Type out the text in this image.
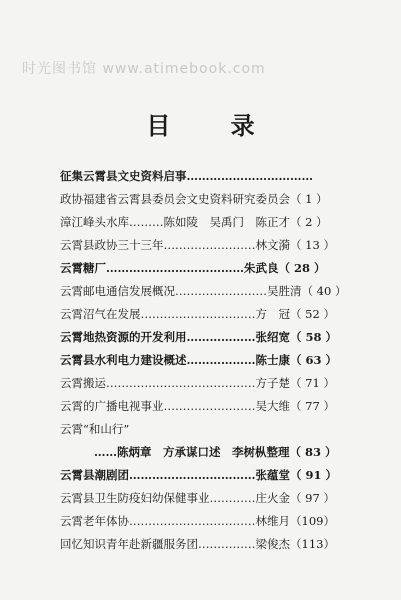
时光图书馆 www.atimebook.com
目 录
征集云霄县文史资料启事……………………………
政协福建省云霄县委员会文史资料研究委员会（ 1 ）
漳江峰头水库………陈如陵　吴禹门　陈正才（ 2 ）
云霄县政协三十三年……………………林文漪（ 13 ）
云霄糖厂………………………………朱武良（ 28 ）
云霄邮电通信发展概况……………………吴胜清（ 40 ）
云霄沼气在发展…………………………方　冠（ 52 ）
云霄地热资源的开发利用………………张绍宽（ 58 ）
云霄县水利电力建设概述………………陈士康（ 63 ）
云霄搬运…………………………………方子楚（ 71 ）
云霄的广播电视事业……………………吴大维（ 77 ）
云霄“和山行”
……陈炳章　方承谋口述　李树枞整理（ 83 ）
云霄县潮剧团……………………………张蕴堂（ 91 ）
云霄县卫生防疫妇幼保健事业…………庄火金（ 97 ）
云霄老年体协……………………………林维月（109）
回忆知识青年赴新疆服务团……………梁俊杰（113）
